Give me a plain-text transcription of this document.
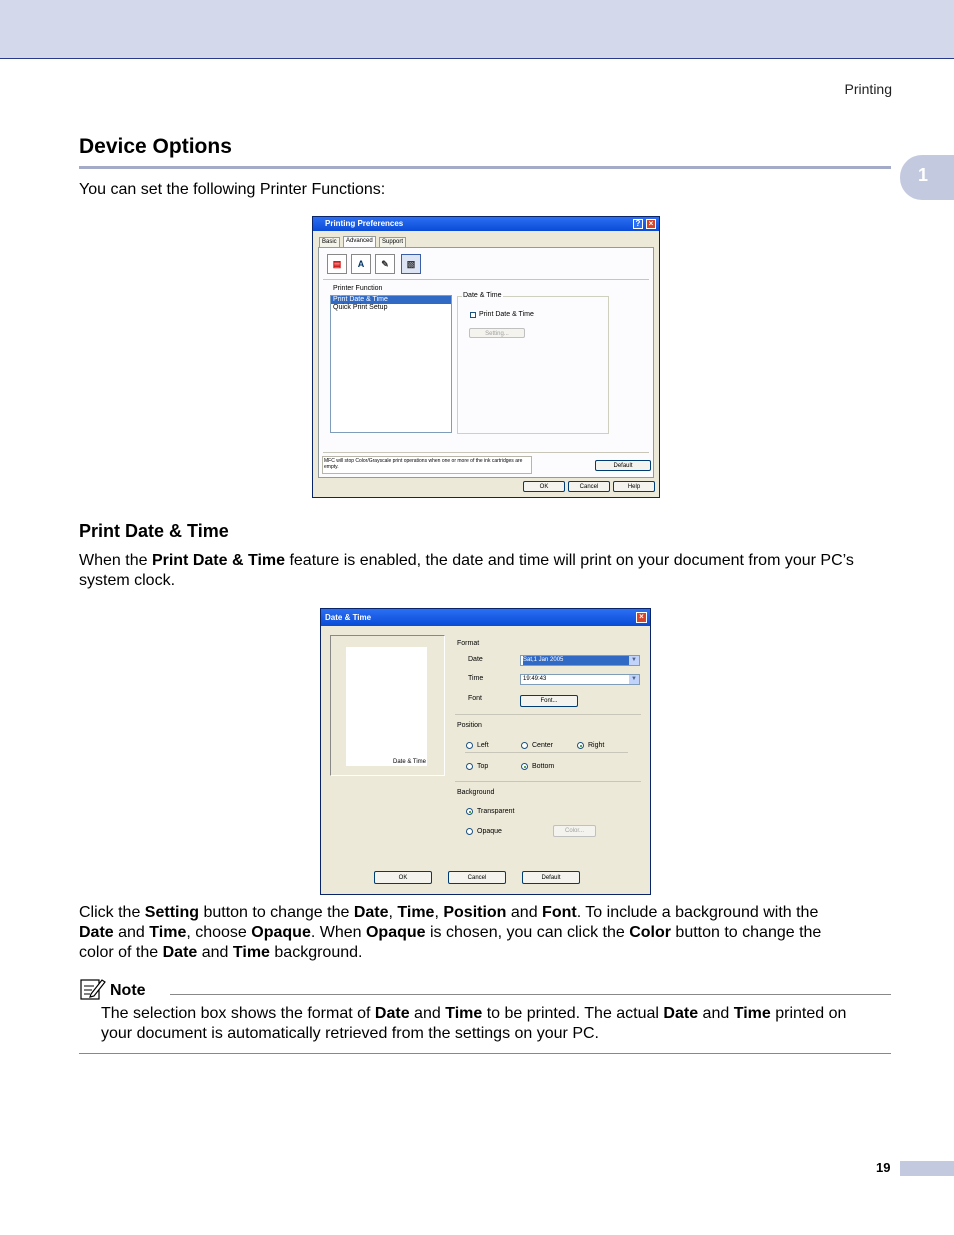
Printing
Device Options
1
You can set the following Printer Functions:
Printing Preferences	?	×
Basic	Advanced	Support
▤	A	✎	▧
Printer Function
Print Date & Time
Quick Print Setup
Date & Time
Print Date & Time
Setting...
MFC will stop Color/Grayscale print operations when one or more of the ink cartridges are empty.	Default
OK	Cancel	Help
Print Date & Time
When the Print Date & Time feature is enabled, the date and time will print on your document from your PC’s
system clock.
Date & Time	×
Date & Time
Format
Date	Sat,1 Jan 2005	▼
Time	19:49:43	▼
Font	Font...
Position
Left	Center	Right
Top	Bottom
Background
Transparent
Opaque	Color...
OK	Cancel	Default
Click the Setting button to change the Date, Time, Position and Font. To include a background with the
Date and Time, choose Opaque. When Opaque is chosen, you can click the Color button to change the
color of the Date and Time background.
Note
The selection box shows the format of Date and Time to be printed. The actual Date and Time printed on
your document is automatically retrieved from the settings on your PC.
19
